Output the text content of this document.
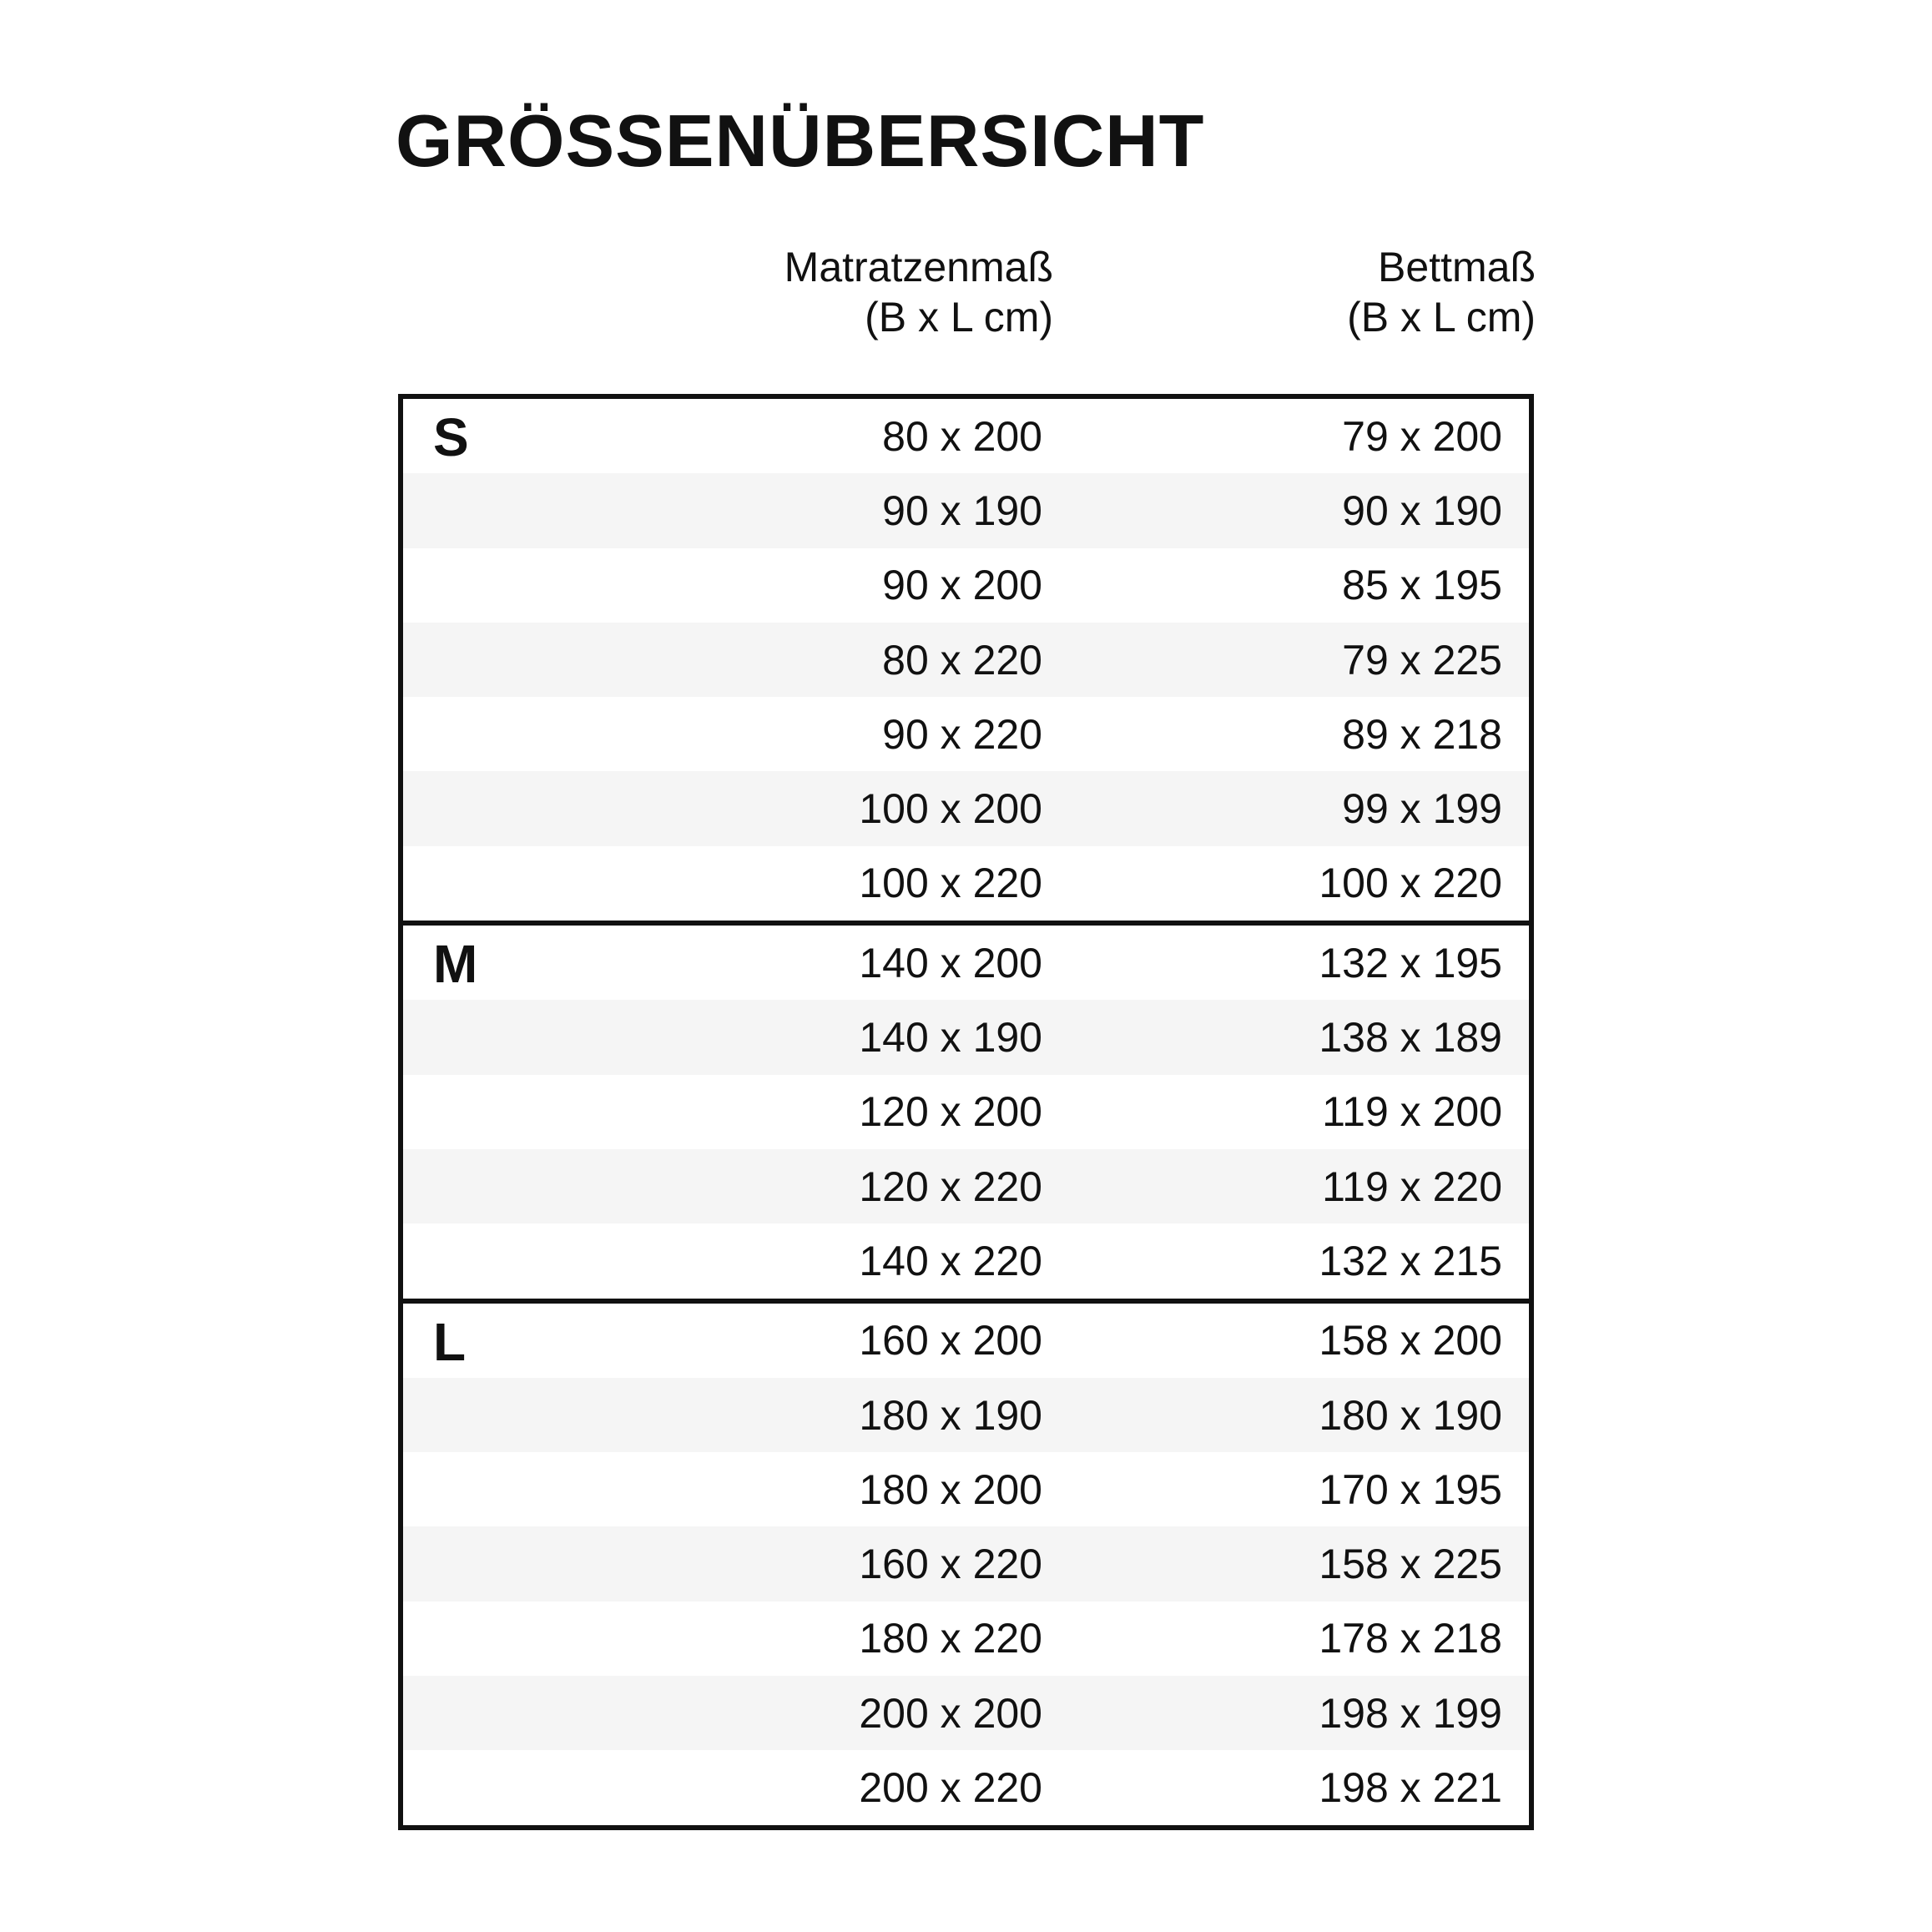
GRÖSSENÜBERSICHT
Matratzenmaß
(B x L cm)
Bettmaß
(B x L cm)
S	80 x 200	79 x 200
90 x 190	90 x 190
90 x 200	85 x 195
80 x 220	79 x 225
90 x 220	89 x 218
100 x 200	99 x 199
100 x 220	100 x 220
M	140 x 200	132 x 195
140 x 190	138 x 189
120 x 200	119 x 200
120 x 220	119 x 220
140 x 220	132 x 215
L	160 x 200	158 x 200
180 x 190	180 x 190
180 x 200	170 x 195
160 x 220	158 x 225
180 x 220	178 x 218
200 x 200	198 x 199
200 x 220	198 x 221
